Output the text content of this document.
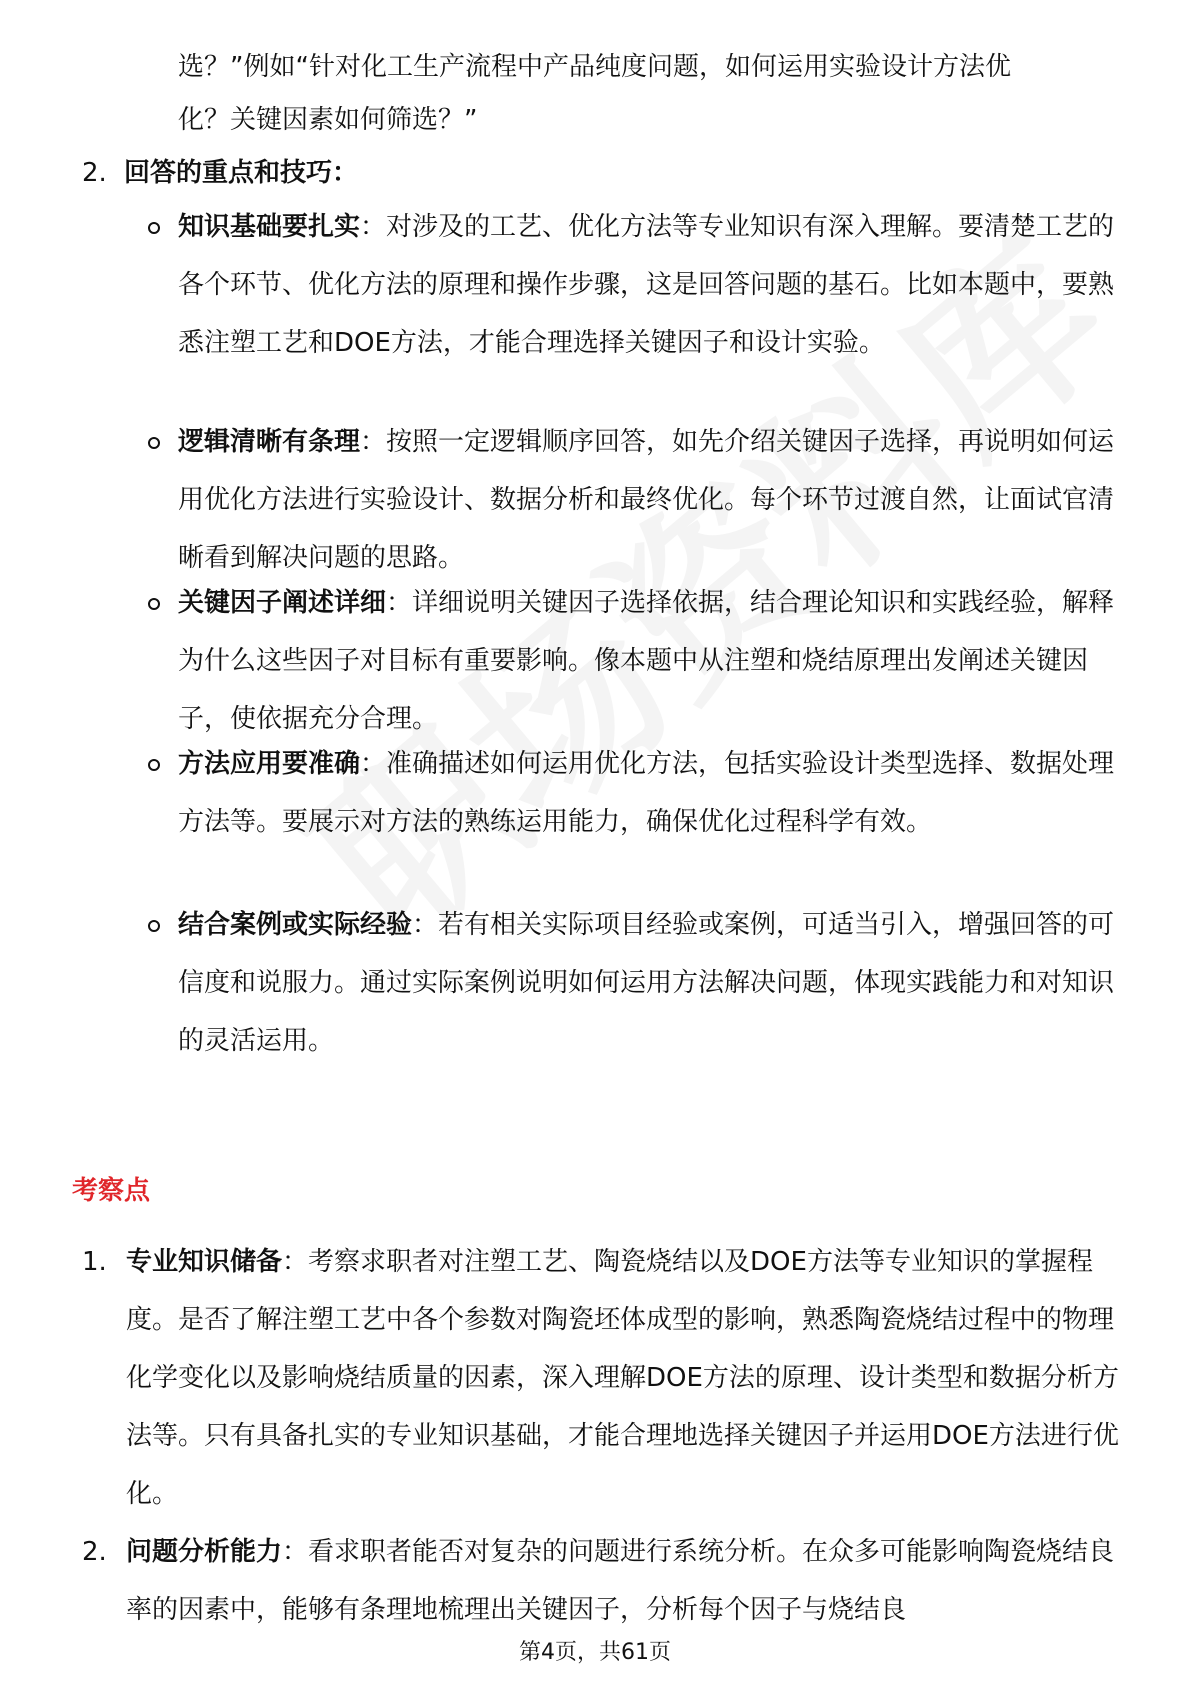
选？”例如“针对化工生产流程中产品纯度问题，如何运用实验设计方法优
化？关键因素如何筛选？”
2. 回答的重点和技巧：
知识基础要扎实：对涉及的工艺、优化方法等专业知识有深入理解。要清楚工艺的各个环节、优化方法的原理和操作步骤，这是回答问题的基石。比如本题中，要熟悉注塑工艺和DOE方法，才能合理选择关键因子和设计实验。
逻辑清晰有条理：按照一定逻辑顺序回答，如先介绍关键因子选择，再说明如何运用优化方法进行实验设计、数据分析和最终优化。每个环节过渡自然，让面试官清晰看到解决问题的思路。
关键因子阐述详细：详细说明关键因子选择依据，结合理论知识和实践经验，解释为什么这些因子对目标有重要影响。像本题中从注塑和烧结原理出发阐述关键因子，使依据充分合理。
方法应用要准确：准确描述如何运用优化方法，包括实验设计类型选择、数据处理方法等。要展示对方法的熟练运用能力，确保优化过程科学有效。
结合案例或实际经验：若有相关实际项目经验或案例，可适当引入，增强回答的可信度和说服力。通过实际案例说明如何运用方法解决问题，体现实践能力和对知识的灵活运用。
考察点
1. 专业知识储备：考察求职者对注塑工艺、陶瓷烧结以及DOE方法等专业知识的掌握程度。是否了解注塑工艺中各个参数对陶瓷坯体成型的影响，熟悉陶瓷烧结过程中的物理化学变化以及影响烧结质量的因素，深入理解DOE方法的原理、设计类型和数据分析方法等。只有具备扎实的专业知识基础，才能合理地选择关键因子并运用DOE方法进行优化。
2. 问题分析能力：看求职者能否对复杂的问题进行系统分析。在众多可能影响陶瓷烧结良率的因素中，能够有条理地梳理出关键因子，分析每个因子与烧结良
第4页，共61页
